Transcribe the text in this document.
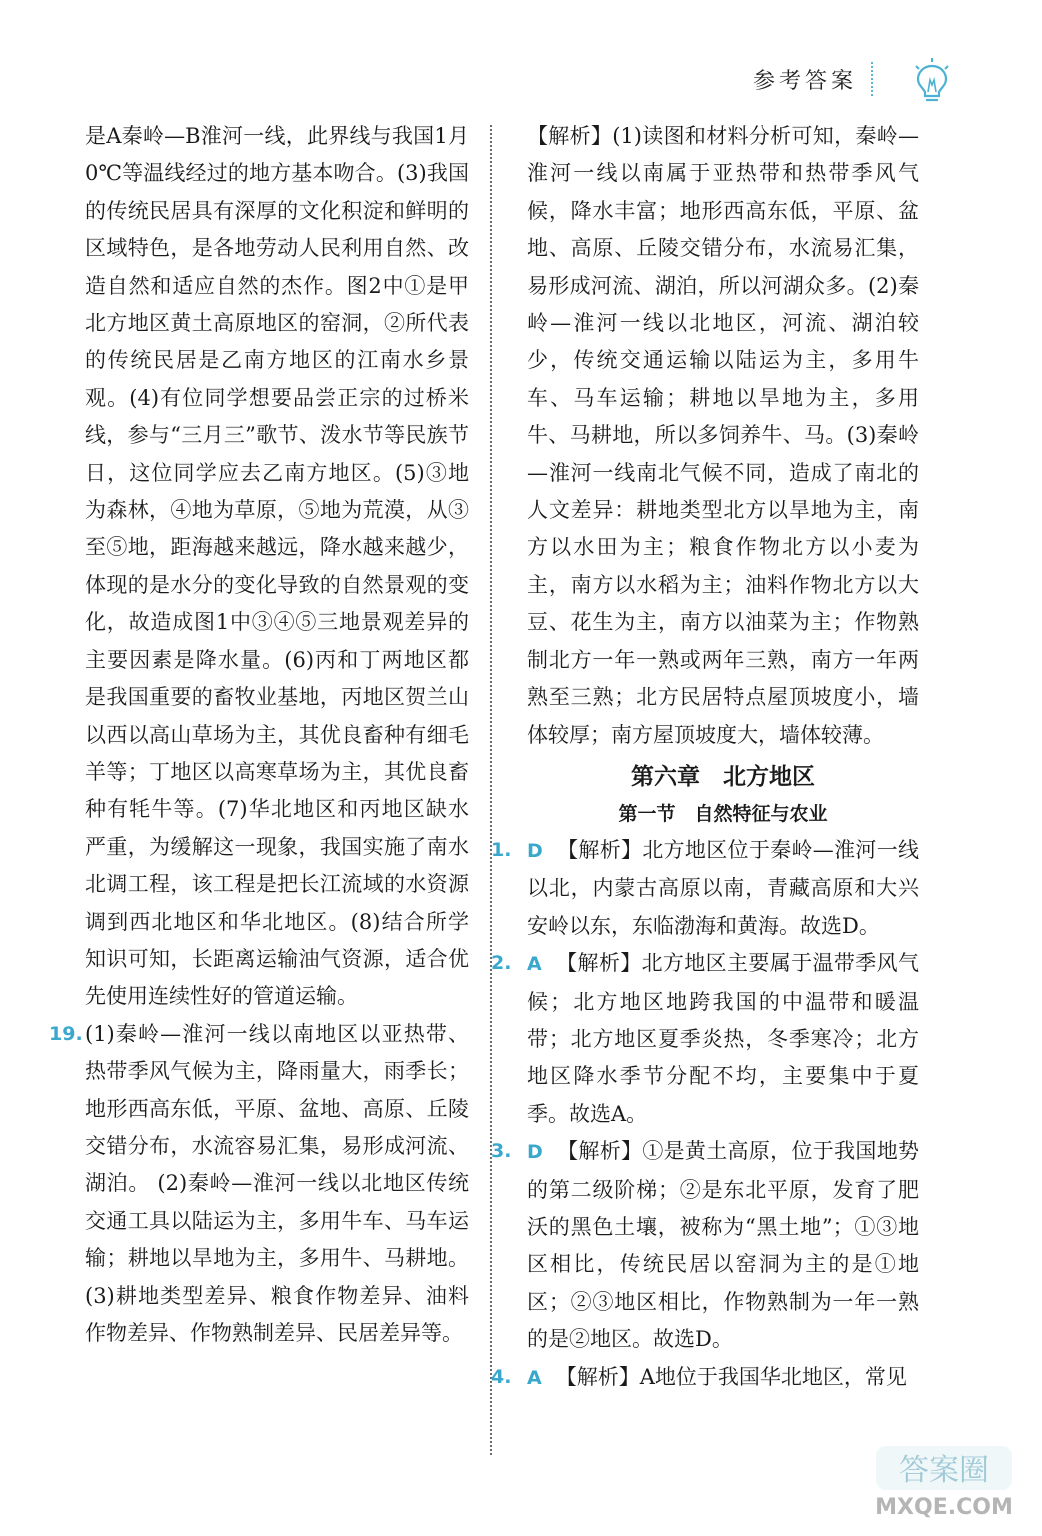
参考答案

是A秦岭—B淮河一线，此界线与我国1月0℃等温线经过的地方基本吻合。(3)我国的传统民居具有深厚的文化积淀和鲜明的区域特色，是各地劳动人民利用自然、改造自然和适应自然的杰作。图2中①是甲北方地区黄土高原地区的窑洞，②所代表的传统民居是乙南方地区的江南水乡景观。(4)有位同学想要品尝正宗的过桥米线，参与“三月三”歌节、泼水节等民族节日，这位同学应去乙南方地区。(5)③地为森林，④地为草原，⑤地为荒漠，从③至⑤地，距海越来越远，降水越来越少，体现的是水分的变化导致的自然景观的变化，故造成图1中③④⑤三地景观差异的主要因素是降水量。(6)丙和丁两地区都是我国重要的畜牧业基地，丙地区贺兰山以西以高山草场为主，其优良畜种有细毛羊等；丁地区以高寒草场为主，其优良畜种有牦牛等。(7)华北地区和丙地区缺水严重，为缓解这一现象，我国实施了南水北调工程，该工程是把长江流域的水资源调到西北地区和华北地区。(8)结合所学知识可知，长距离运输油气资源，适合优先使用连续性好的管道运输。

19. (1)秦岭—淮河一线以南地区以亚热带、热带季风气候为主，降雨量大，雨季长；地形西高东低，平原、盆地、高原、丘陵交错分布，水流容易汇集，易形成河流、湖泊。 (2)秦岭—淮河一线以北地区传统交通工具以陆运为主，多用牛车、马车运输；耕地以旱地为主，多用牛、马耕地。(3)耕地类型差异、粮食作物差异、油料作物差异、作物熟制差异、民居差异等。

【解析】(1)读图和材料分析可知，秦岭—淮河一线以南属于亚热带和热带季风气候，降水丰富；地形西高东低，平原、盆地、高原、丘陵交错分布，水流易汇集，易形成河流、湖泊，所以河湖众多。(2)秦岭—淮河一线以北地区，河流、湖泊较少，传统交通运输以陆运为主，多用牛车、马车运输；耕地以旱地为主，多用牛、马耕地，所以多饲养牛、马。(3)秦岭—淮河一线南北气候不同，造成了南北的人文差异：耕地类型北方以旱地为主，南方以水田为主；粮食作物北方以小麦为主，南方以水稻为主；油料作物北方以大豆、花生为主，南方以油菜为主；作物熟制北方一年一熟或两年三熟，南方一年两熟至三熟；北方民居特点屋顶坡度小，墙体较厚；南方屋顶坡度大，墙体较薄。

第六章　北方地区
第一节　自然特征与农业
1. D 【解析】北方地区位于秦岭—淮河一线以北，内蒙古高原以南，青藏高原和大兴安岭以东，东临渤海和黄海。故选D。

2. A 【解析】北方地区主要属于温带季风气候；北方地区地跨我国的中温带和暖温带；北方地区夏季炎热，冬季寒冷；北方地区降水季节分配不均，主要集中于夏季。故选A。

3. D 【解析】①是黄土高原，位于我国地势的第二级阶梯；②是东北平原，发育了肥沃的黑色土壤，被称为“黑土地”；①③地区相比，传统民居以窑洞为主的是①地区；②③地区相比，作物熟制为一年一熟的是②地区。故选D。

4. A 【解析】A地位于我国华北地区，常见

答案圈
MXQE.COM
